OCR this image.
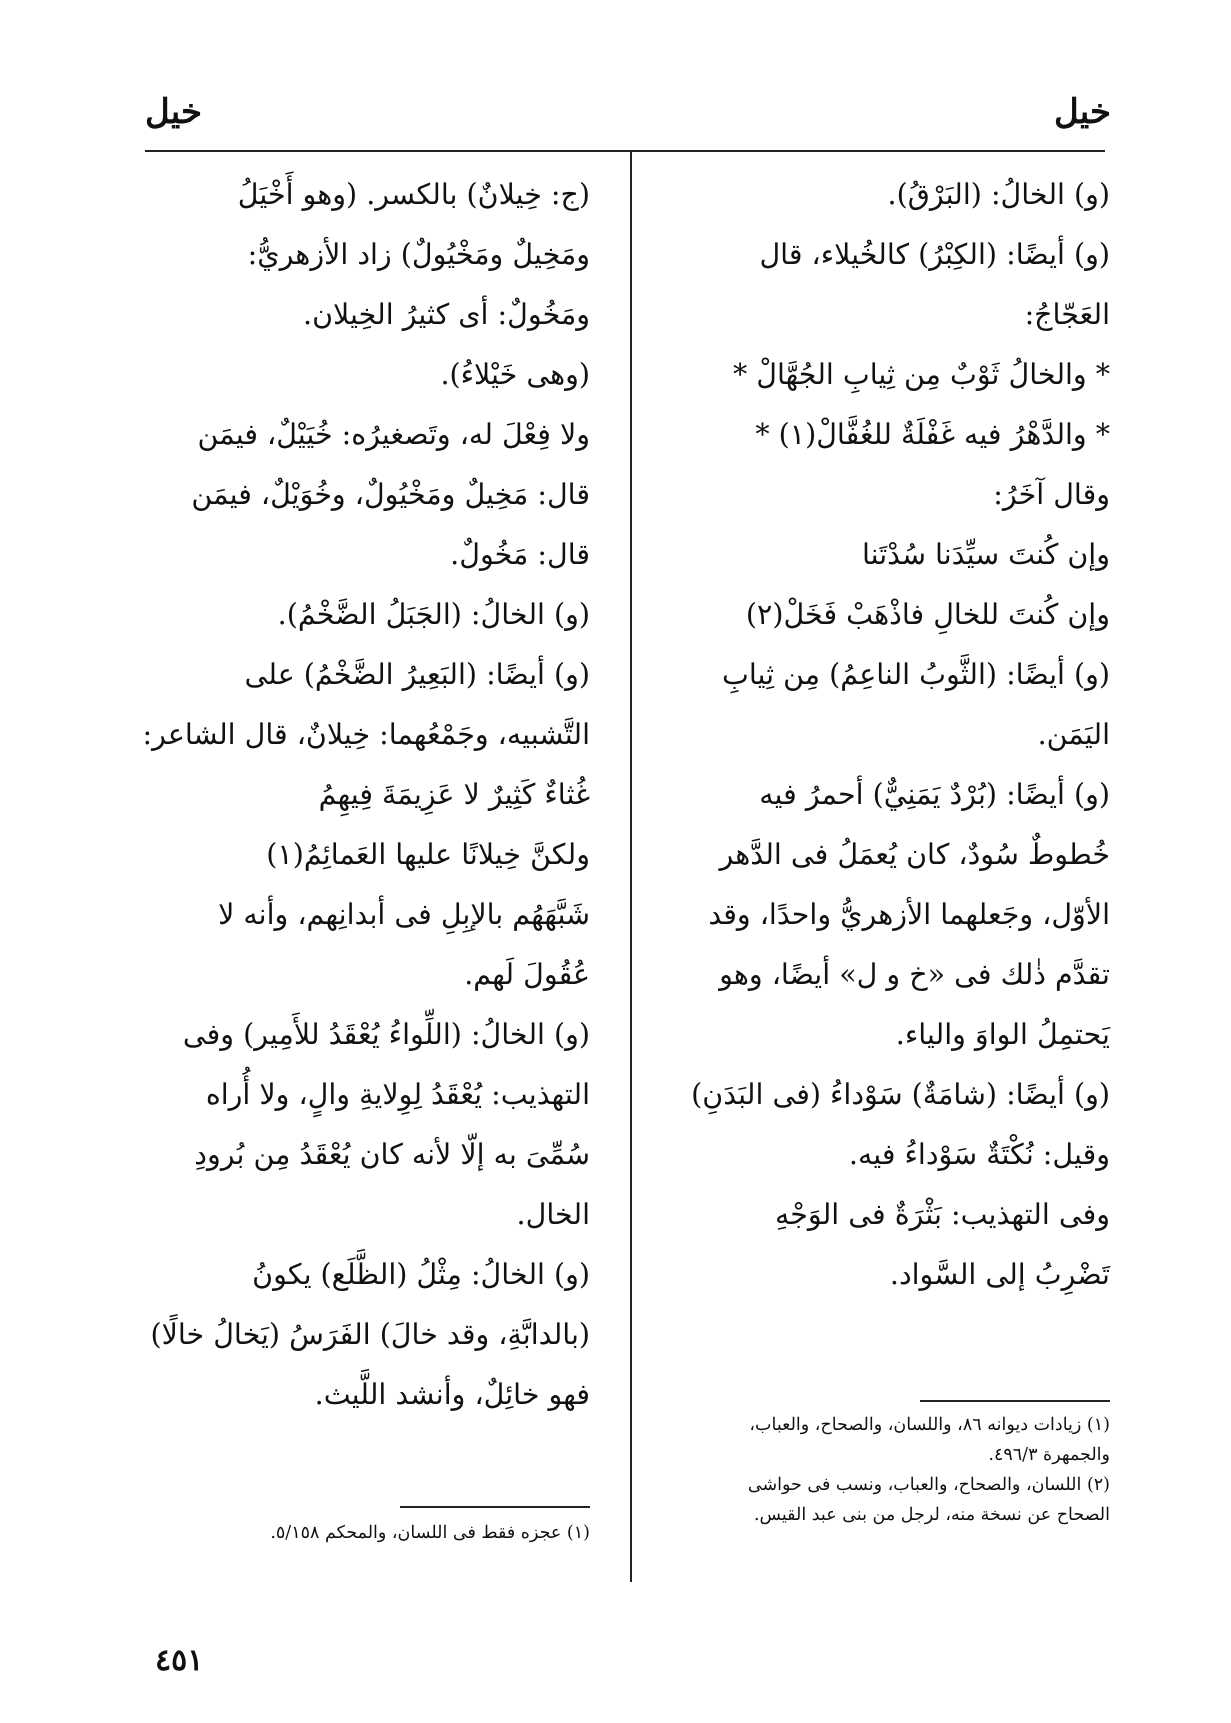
خيل
خيل
(و) الخالُ: (البَرْقُ).
(و) أيضًا: (الكِبْرُ) كالخُيلاء، قال
العَجّاجُ:
* والخالُ ثَوْبٌ مِن ثِيابِ الجُهَّالْ *
* والدَّهْرُ فيه غَفْلَةٌ للغُفَّالْ(١) *
وقال آخَرُ:
وإن كُنتَ سيِّدَنا سُدْتَنا
وإن كُنتَ للخالِ فاذْهَبْ فَخَلْ(٢)
(و) أيضًا: (الثَّوبُ الناعِمُ) مِن ثِيابِ
اليَمَن.
(و) أيضًا: (بُرْدٌ يَمَنِيٌّ) أحمرُ فيه
خُطوطٌ سُودٌ، كان يُعمَلُ فى الدَّهر
الأوّل، وجَعلهما الأزهريُّ واحدًا، وقد
تقدَّم ذٰلك فى «خ و ل» أيضًا، وهو
يَحتمِلُ الواوَ والياء.
(و) أيضًا: (شامَةٌ) سَوْداءُ (فى البَدَنِ)
وقيل: نُكْتَةٌ سَوْداءُ فيه.
وفى التهذيب: بَثْرَةٌ فى الوَجْهِ
تَضْرِبُ إلى السَّواد.
(ج: خِيلانٌ) بالكسر. (وهو أَخْيَلُ
ومَخِيلٌ ومَخْيُولٌ) زاد الأزهريُّ:
ومَخُولٌ: أى كثيرُ الخِيلان.
(وهى خَيْلاءُ).
ولا فِعْلَ له، وتَصغيرُه: خُيَيْلٌ، فيمَن
قال: مَخِيلٌ ومَخْيُولٌ، وخُوَيْلٌ، فيمَن
قال: مَخُولٌ.
(و) الخالُ: (الجَبَلُ الضَّخْمُ).
(و) أيضًا: (البَعِيرُ الضَّخْمُ) على
التَّشبيه، وجَمْعُهما: خِيلانٌ، قال الشاعر:
غُثاءٌ كَثِيرٌ لا عَزِيمَةَ فِيهِمُ
ولكنَّ خِيلانًا عليها العَمائِمُ(١)
شَبَّهَهُم بالإبِلِ فى أبدانِهم، وأنه لا
عُقُولَ لَهم.
(و) الخالُ: (اللِّواءُ يُعْقَدُ للأَمِير) وفى
التهذيب: يُعْقَدُ لِوِلايةِ والٍ، ولا أُراه
سُمِّىَ به إلّا لأنه كان يُعْقَدُ مِن بُرودِ
الخال.
(و) الخالُ: مِثْلُ (الظَّلَع) يكونُ
(بالدابَّةِ، وقد خالَ) الفَرَسُ (يَخالُ خالًا)
فهو خائِلٌ، وأنشد اللَّيث.
(١) زيادات ديوانه ٨٦، واللسان، والصحاح، والعباب،
والجمهرة ٤٩٦/٣.
(٢) اللسان، والصحاح، والعباب، ونسب فى حواشى
الصحاح عن نسخة منه، لرجل من بنى عبد القيس.
(١) عجزه فقط فى اللسان، والمحكم ٥/١٥٨.
٤٥١
